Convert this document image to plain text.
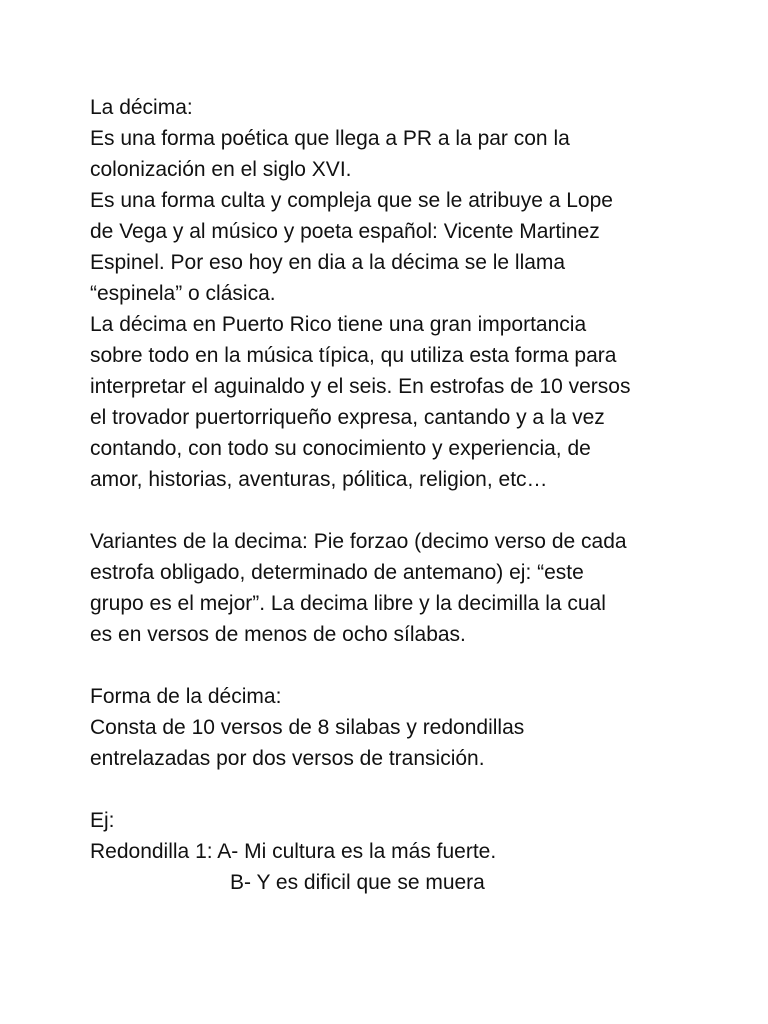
La décima:
Es una forma poética que llega a PR a la par con la
colonización en el siglo XVI.
Es una forma culta y compleja que se le atribuye a Lope
de Vega y al músico y poeta español: Vicente Martinez
Espinel. Por eso hoy en dia a la décima se le llama
“espinela” o clásica.
La décima en Puerto Rico tiene una gran importancia
sobre todo en la música típica, qu utiliza esta forma para
interpretar el aguinaldo y el seis. En estrofas de 10 versos
el trovador puertorriqueño expresa, cantando y a la vez
contando, con todo su conocimiento y experiencia, de
amor, historias, aventuras, pólitica, religion, etc…
Variantes de la decima: Pie forzao (decimo verso de cada
estrofa obligado, determinado de antemano) ej: “este
grupo es el mejor”. La decima libre y la decimilla la cual
es en versos de menos de ocho sílabas.
Forma de la décima:
Consta de 10 versos de 8 silabas y redondillas
entrelazadas por dos versos de transición.
Ej:
Redondilla 1: A- Mi cultura es la más fuerte.
B- Y es dificil que se muera
